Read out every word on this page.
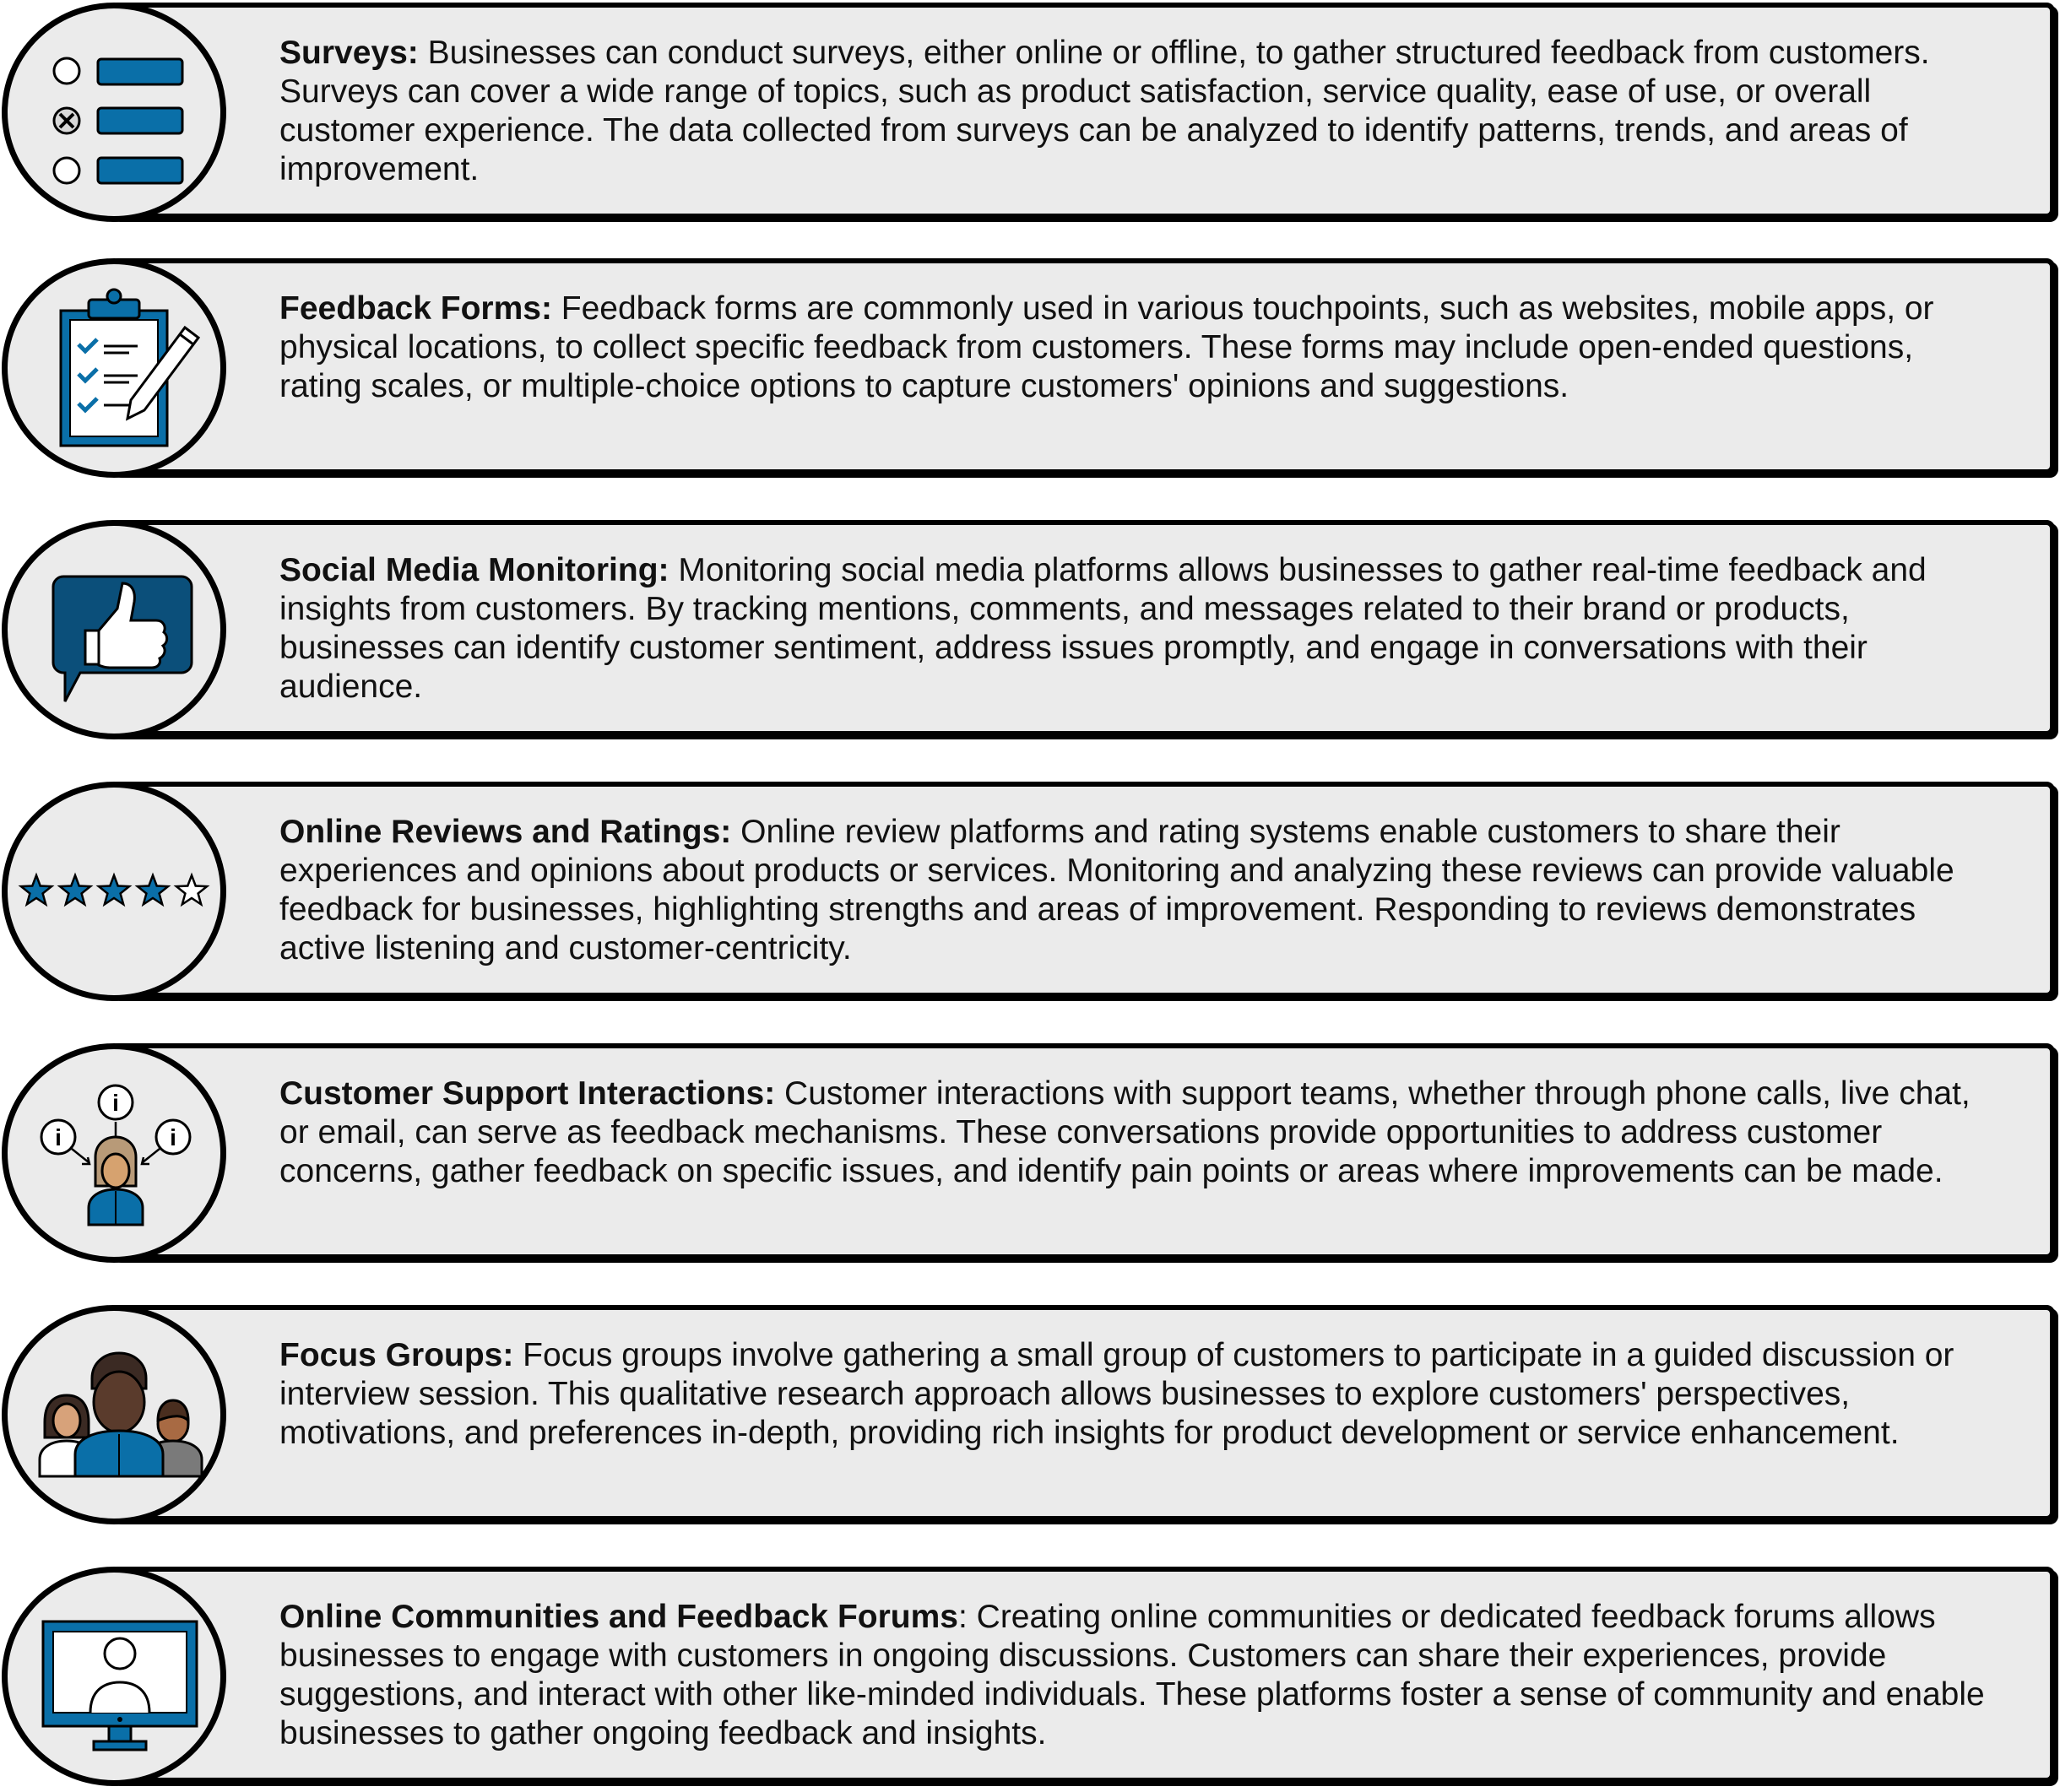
Surveys: Businesses can conduct surveys, either online or offline, to gather structured feedback from customers. Surveys can cover a wide range of topics, such as product satisfaction, service quality, ease of use, or overall customer experience. The data collected from surveys can be analyzed to identify patterns, trends, and areas of improvement.
Feedback Forms: Feedback forms are commonly used in various touchpoints, such as websites, mobile apps, or physical locations, to collect specific feedback from customers. These forms may include open-ended questions, rating scales, or multiple-choice options to capture customers' opinions and suggestions.
Social Media Monitoring: Monitoring social media platforms allows businesses to gather real-time feedback and insights from customers. By tracking mentions, comments, and messages related to their brand or products, businesses can identify customer sentiment, address issues promptly, and engage in conversations with their audience.
Online Reviews and Ratings: Online review platforms and rating systems enable customers to share their experiences and opinions about products or services. Monitoring and analyzing these reviews can provide valuable feedback for businesses, highlighting strengths and areas of improvement. Responding to reviews demonstrates active listening and customer-centricity.
i
i	i
Customer Support Interactions: Customer interactions with support teams, whether through phone calls, live chat, or email, can serve as feedback mechanisms. These conversations provide opportunities to address customer concerns, gather feedback on specific issues, and identify pain points or areas where improvements can be made.
Focus Groups: Focus groups involve gathering a small group of customers to participate in a guided discussion or interview session. This qualitative research approach allows businesses to explore customers' perspectives, motivations, and preferences in-depth, providing rich insights for product development or service enhancement.
Online Communities and Feedback Forums: Creating online communities or dedicated feedback forums allows businesses to engage with customers in ongoing discussions. Customers can share their experiences, provide suggestions, and interact with other like-minded individuals. These platforms foster a sense of community and enable businesses to gather ongoing feedback and insights.
